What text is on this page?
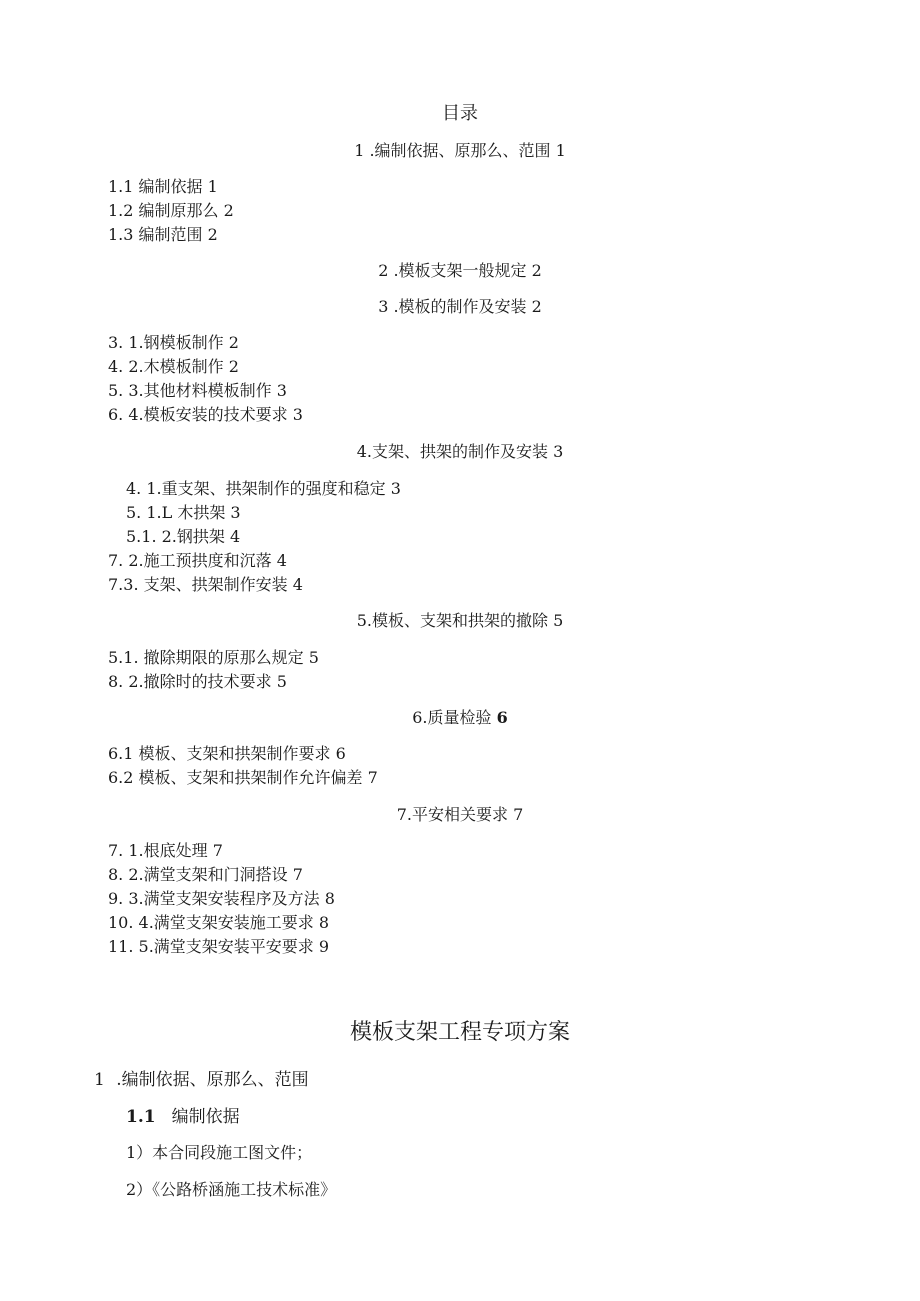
目录
1 .编制依据、原那么、范围 1
1.1 编制依据 1
1.2 编制原那么 2
1.3 编制范围 2
2 .模板支架一般规定 2
3 .模板的制作及安装 2
3. 1.钢模板制作 2
4. 2.木模板制作 2
5. 3.其他材料模板制作 3
6. 4.模板安装的技术要求 3
4.支架、拱架的制作及安装 3
4. 1.重支架、拱架制作的强度和稳定 3
5. 1.L 木拱架 3
5.1. 2.钢拱架 4
7. 2.施工预拱度和沉落 4
7.3. 支架、拱架制作安装 4
5.模板、支架和拱架的撤除 5
5.1. 撤除期限的原那么规定 5
8. 2.撤除时的技术要求 5
6.质量检验 6
6.1 模板、支架和拱架制作要求 6
6.2 模板、支架和拱架制作允许偏差 7
7.平安相关要求 7
7. 1.根底处理 7
8. 2.满堂支架和门洞搭设 7
9. 3.满堂支架安装程序及方法 8
10. 4.满堂支架安装施工要求 8
11. 5.满堂支架安装平安要求 9
模板支架工程专项方案
1 .编制依据、原那么、范围
1.1 编制依据
1）本合同段施工图文件；
2）《公路桥涵施工技术标准》
